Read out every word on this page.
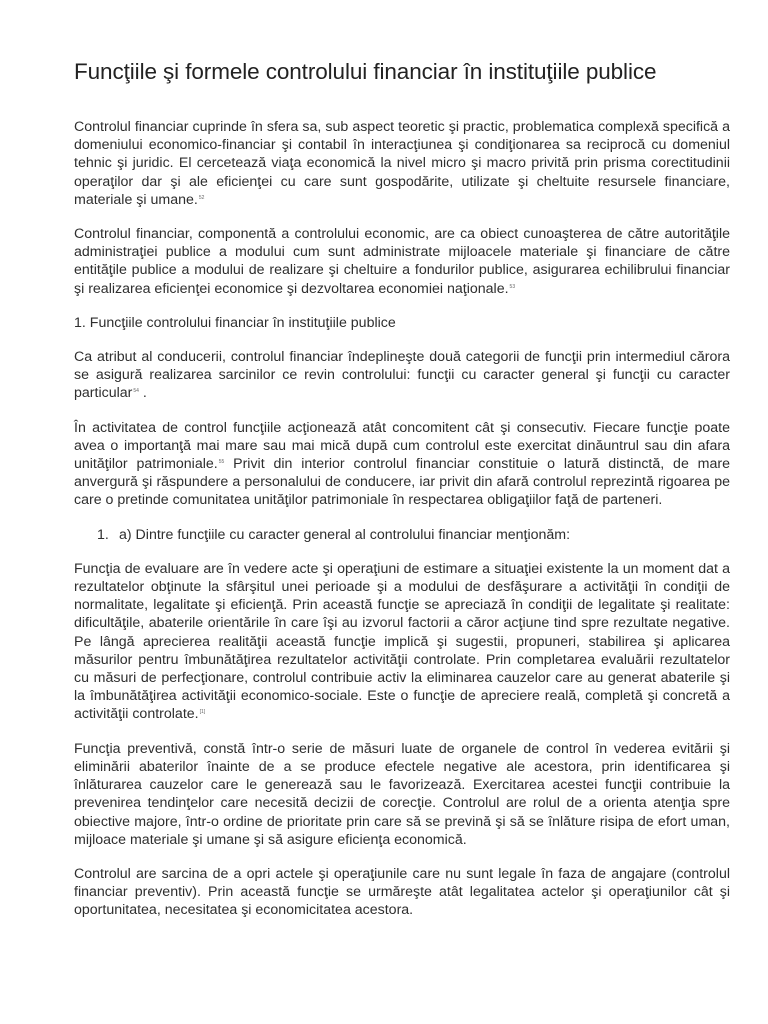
Funcţiile şi formele controlului financiar în instituţiile publice

Controlul financiar cuprinde în sfera sa, sub aspect teoretic şi practic, problematica complexă specifică a domeniului economico-financiar şi contabil în interacţiunea şi condiţionarea sa reciprocă cu domeniul tehnic şi juridic. El cercetează viaţa economică la nivel micro şi macro privită prin prisma corectitudinii operaţilor dar şi ale eficienţei cu care sunt gospodărite, utilizate şi cheltuite resursele financiare, materiale şi umane.$^{52}$

Controlul financiar, componentă a controlului economic, are ca obiect cunoaşterea de către autorităţile administraţiei publice a modului cum sunt administrate mijloacele materiale şi financiare de către entităţile publice a modului de realizare şi cheltuire a fondurilor publice, asigurarea echilibrului financiar şi realizarea eficienţei economice şi dezvoltarea economiei naţionale.$^{53}$

1. Funcţiile controlului financiar în instituţiile publice

Ca atribut al conducerii, controlul financiar îndeplineşte două categorii de funcţii prin intermediul cărora se asigură realizarea sarcinilor ce revin controlului: funcţii cu caracter general şi funcţii cu caracter particular$^{54}$ .

În activitatea de control funcţiile acţionează atât concomitent cât şi consecutiv. Fiecare funcţie poate avea o importanţă mai mare sau mai mică după cum controlul este exercitat dinăuntrul sau din afara unităţilor patrimoniale.$^{55}$ Privit din interior controlul financiar constituie o latură distinctă, de mare anvergură şi răspundere a personalului de conducere, iar privit din afară controlul reprezintă rigoarea pe care o pretinde comunitatea unităţilor patrimoniale în respectarea obligaţiilor faţă de parteneri.

1. a) Dintre funcţiile cu caracter general al controlului financiar menţionăm:

Funcţia de evaluare are în vedere acte şi operaţiuni de estimare a situaţiei existente la un moment dat a rezultatelor obţinute la sfârşitul unei perioade şi a modului de desfăşurare a activităţii în condiţii de normalitate, legalitate şi eficienţă. Prin această funcţie se apreciază în condiţii de legalitate şi realitate: dificultăţile, abaterile orientările în care îşi au izvorul factorii a căror acţiune tind spre rezultate negative. Pe lângă aprecierea realităţii această funcţie implică şi sugestii, propuneri, stabilirea şi aplicarea măsurilor pentru îmbunătăţirea rezultatelor activităţii controlate. Prin completarea evaluării rezultatelor cu măsuri de perfecţionare, controlul contribuie activ la eliminarea cauzelor care au generat abaterile şi la îmbunătăţirea activităţii economico-sociale. Este o funcţie de apreciere reală, completă şi concretă a activităţii controlate.[1]

Funcţia preventivă, constă într-o serie de măsuri luate de organele de control în vederea evitării şi eliminării abaterilor înainte de a se produce efectele negative ale acestora, prin identificarea şi înlăturarea cauzelor care le generează sau le favorizează. Exercitarea acestei funcţii contribuie la prevenirea tendinţelor care necesită decizii de corecţie. Controlul are rolul de a orienta atenţia spre obiective majore, într-o ordine de prioritate prin care să se prevină şi să se înlăture risipa de efort uman, mijloace materiale şi umane şi să asigure eficienţa economică.

Controlul are sarcina de a opri actele şi operaţiunile care nu sunt legale în faza de angajare (controlul financiar preventiv). Prin această funcţie se urmăreşte atât legalitatea actelor şi operaţiunilor cât şi oportunitatea, necesitatea şi economicitatea acestora.
